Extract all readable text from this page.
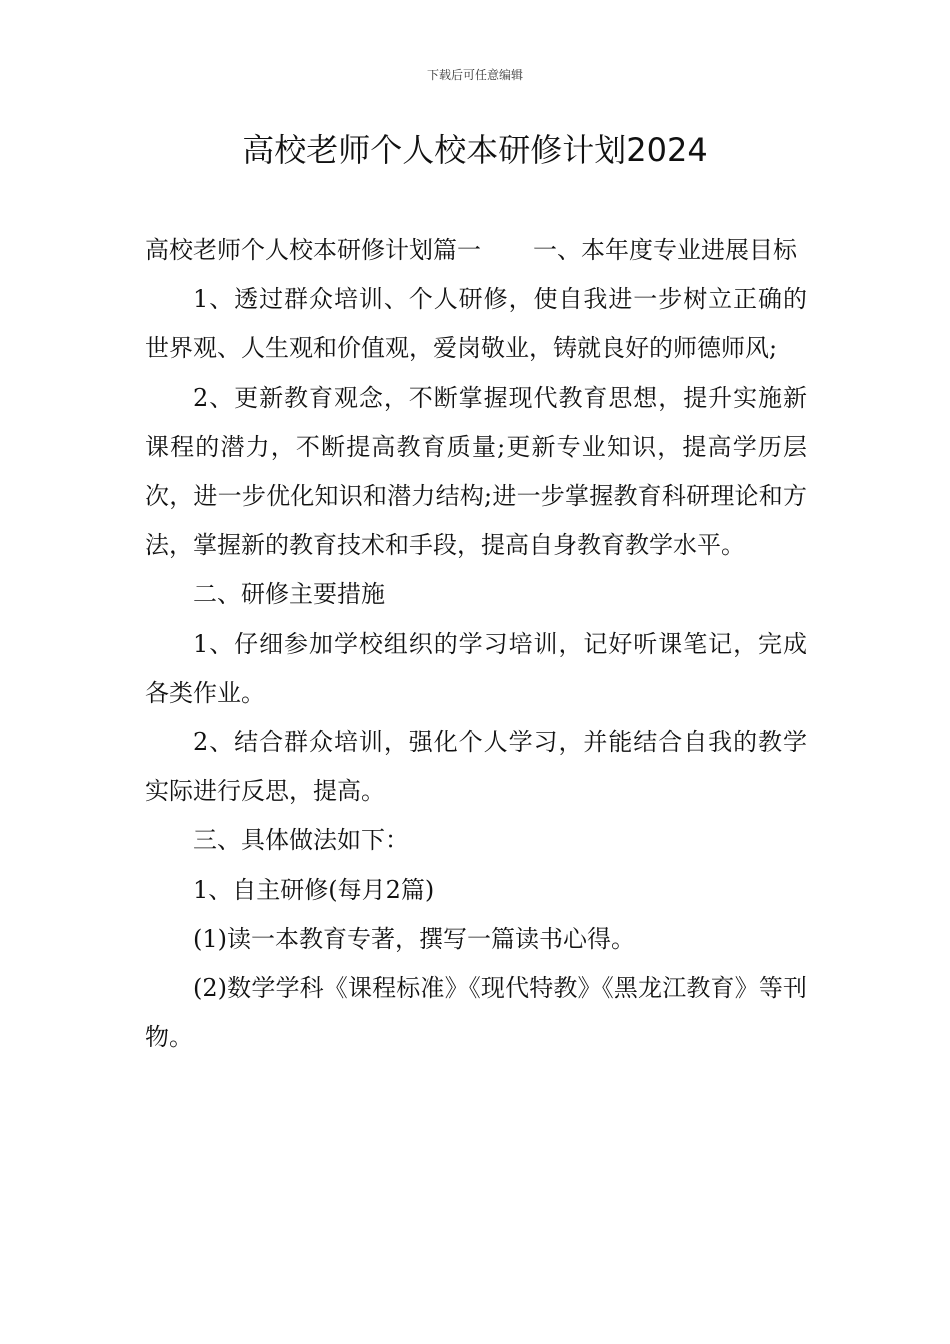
下载后可任意编辑
高校老师个人校本研修计划2024

高校老师个人校本研修计划篇一 一、本年度专业进展目标

1、透过群众培训、个人研修，使自我进一步树立正确的世界观、人生观和价值观，爱岗敬业，铸就良好的师德师风;

2、更新教育观念，不断掌握现代教育思想，提升实施新课程的潜力，不断提高教育质量;更新专业知识，提高学历层次，进一步优化知识和潜力结构;进一步掌握教育科研理论和方法，掌握新的教育技术和手段，提高自身教育教学水平。

二、研修主要措施

1、仔细参加学校组织的学习培训，记好听课笔记，完成各类作业。

2、结合群众培训，强化个人学习，并能结合自我的教学实际进行反思，提高。

三、具体做法如下：

1、自主研修(每月2篇)

(1)读一本教育专著，撰写一篇读书心得。

(2)数学学科《课程标准》《现代特教》《黑龙江教育》等刊物。
